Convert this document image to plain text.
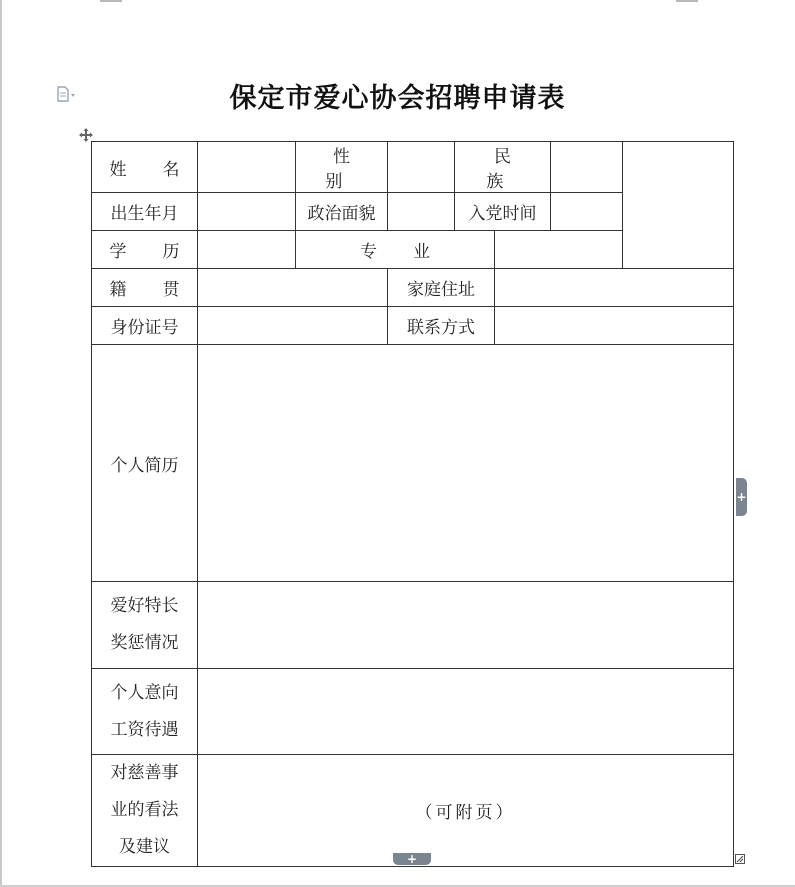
保定市爱心协会招聘申请表
姓 名		性 别		民 族			
出生年月		政治面貌		入党时间			
学 历		专 业					
籍 贯			家庭住址				
身份证号			联系方式				
个人简历							

爱好特长
奖惩情况							

个人意向
工资待遇							

对慈善事
业的看法
及建议	（可附页）						
+
+
